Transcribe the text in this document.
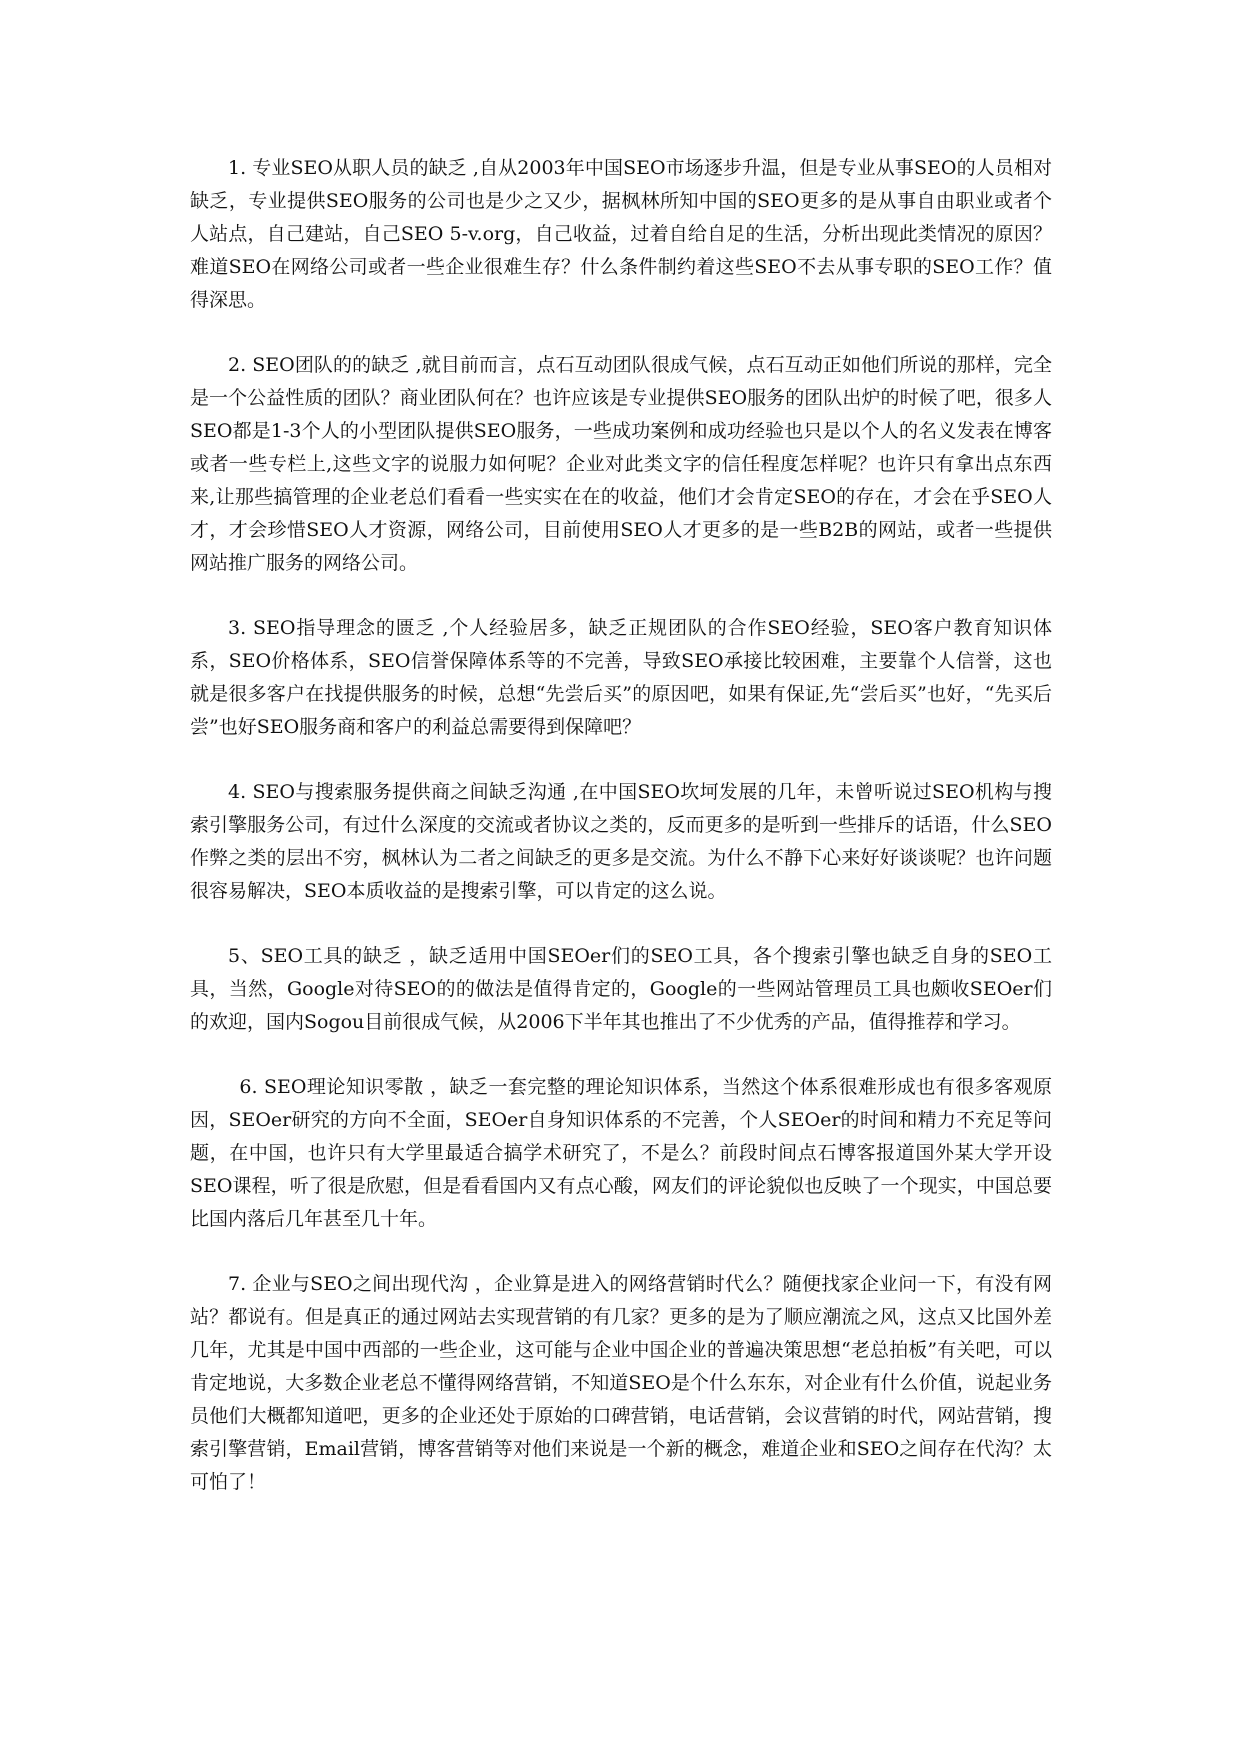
1. 专业SEO从职人员的缺乏 ,自从2003年中国SEO市场逐步升温，但是专业从事SEO的人员相对缺乏，专业提供SEO服务的公司也是少之又少，据枫林所知中国的SEO更多的是从事自由职业或者个人站点，自己建站，自己SEO 5-v.org，自己收益，过着自给自足的生活，分析出现此类情况的原因？难道SEO在网络公司或者一些企业很难生存？什么条件制约着这些SEO不去从事专职的SEO工作？值得深思。

2. SEO团队的的缺乏 ,就目前而言，点石互动团队很成气候，点石互动正如他们所说的那样，完全是一个公益性质的团队？商业团队何在？也许应该是专业提供SEO服务的团队出炉的时候了吧，很多人SEO都是1-3个人的小型团队提供SEO服务，一些成功案例和成功经验也只是以个人的名义发表在博客或者一些专栏上,这些文字的说服力如何呢？企业对此类文字的信任程度怎样呢？也许只有拿出点东西来,让那些搞管理的企业老总们看看一些实实在在的收益，他们才会肯定SEO的存在，才会在乎SEO人才，才会珍惜SEO人才资源，网络公司，目前使用SEO人才更多的是一些B2B的网站，或者一些提供网站推广服务的网络公司。

3. SEO指导理念的匮乏 ,个人经验居多，缺乏正规团队的合作SEO经验，SEO客户教育知识体系，SEO价格体系，SEO信誉保障体系等的不完善，导致SEO承接比较困难，主要靠个人信誉，这也就是很多客户在找提供服务的时候，总想“先尝后买”的原因吧，如果有保证,先“尝后买”也好，“先买后尝”也好SEO服务商和客户的利益总需要得到保障吧？

4. SEO与搜索服务提供商之间缺乏沟通 ,在中国SEO坎坷发展的几年，未曾听说过SEO机构与搜索引擎服务公司，有过什么深度的交流或者协议之类的，反而更多的是听到一些排斥的话语，什么SEO作弊之类的层出不穷，枫林认为二者之间缺乏的更多是交流。为什么不静下心来好好谈谈呢？也许问题很容易解决，SEO本质收益的是搜索引擎，可以肯定的这么说。

5、SEO工具的缺乏 ，缺乏适用中国SEOer们的SEO工具，各个搜索引擎也缺乏自身的SEO工具，当然，Google对待SEO的的做法是值得肯定的，Google的一些网站管理员工具也颇收SEOer们的欢迎，国内Sogou目前很成气候，从2006下半年其也推出了不少优秀的产品，值得推荐和学习。

6. SEO理论知识零散 ，缺乏一套完整的理论知识体系，当然这个体系很难形成也有很多客观原因，SEOer研究的方向不全面，SEOer自身知识体系的不完善，个人SEOer的时间和精力不充足等问题，在中国，也许只有大学里最适合搞学术研究了，不是么？前段时间点石博客报道国外某大学开设SEO课程，听了很是欣慰，但是看看国内又有点心酸，网友们的评论貌似也反映了一个现实，中国总要比国内落后几年甚至几十年。

7. 企业与SEO之间出现代沟 ，企业算是进入的网络营销时代么？随便找家企业问一下，有没有网站？都说有。但是真正的通过网站去实现营销的有几家？更多的是为了顺应潮流之风，这点又比国外差几年，尤其是中国中西部的一些企业，这可能与企业中国企业的普遍决策思想“老总拍板”有关吧，可以肯定地说，大多数企业老总不懂得网络营销，不知道SEO是个什么东东，对企业有什么价值，说起业务员他们大概都知道吧，更多的企业还处于原始的口碑营销，电话营销，会议营销的时代，网站营销，搜索引擎营销，Email营销，博客营销等对他们来说是一个新的概念，难道企业和SEO之间存在代沟？太可怕了！
